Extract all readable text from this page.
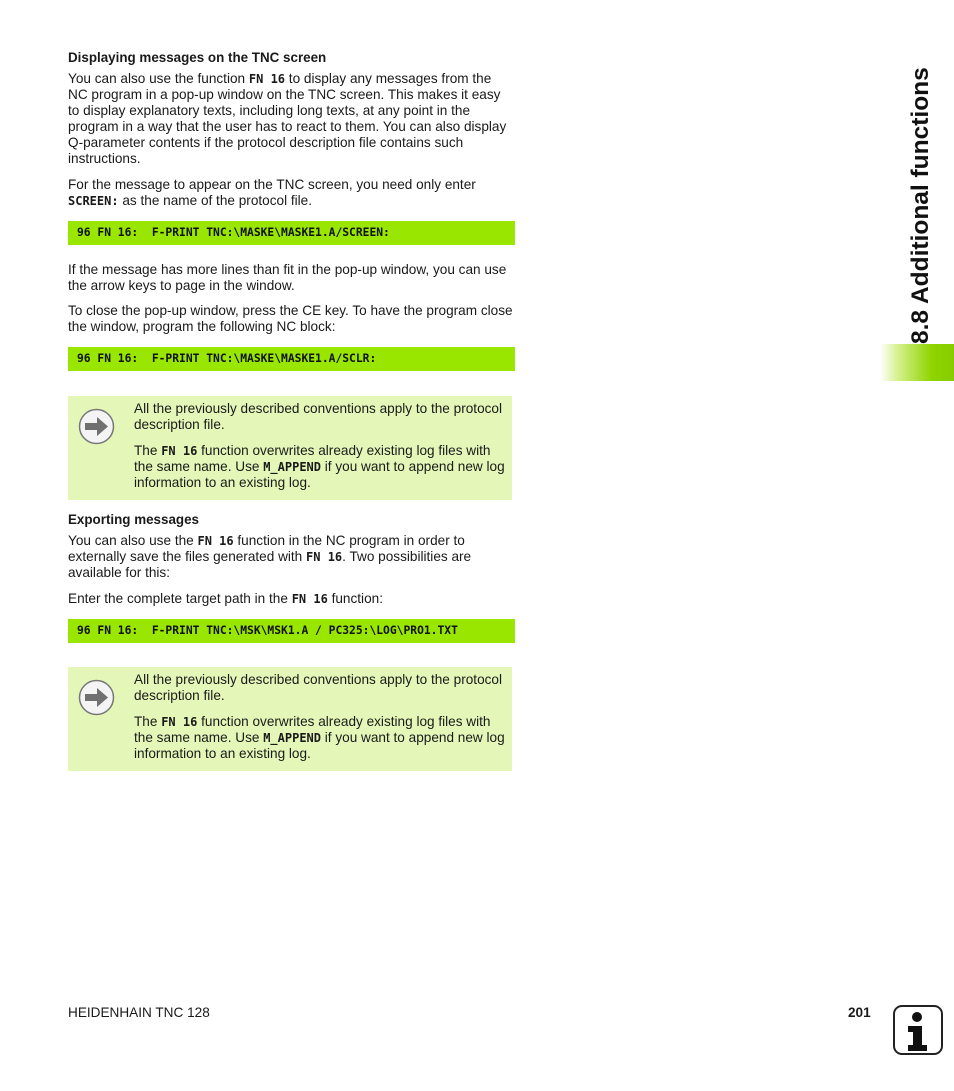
Displaying messages on the TNC screen

You can also use the function FN 16 to display any messages from the NC program in a pop-up window on the TNC screen. This makes it easy to display explanatory texts, including long texts, at any point in the program in a way that the user has to react to them. You can also display Q-parameter contents if the protocol description file contains such instructions.

For the message to appear on the TNC screen, you need only enter SCREEN: as the name of the protocol file.

96 FN 16:  F-PRINT TNC:\MASKE\MASKE1.A/SCREEN:

If the message has more lines than fit in the pop-up window, you can use the arrow keys to page in the window.

To close the pop-up window, press the CE key. To have the program close the window, program the following NC block:

96 FN 16:  F-PRINT TNC:\MASKE\MASKE1.A/SCLR:

All the previously described conventions apply to the protocol description file.

The FN 16 function overwrites already existing log files with the same name. Use M_APPEND if you want to append new log information to an existing log.

Exporting messages

You can also use the FN 16 function in the NC program in order to externally save the files generated with FN 16. Two possibilities are available for this:

Enter the complete target path in the FN 16 function:

96 FN 16:  F-PRINT TNC:\MSK\MSK1.A / PC325:\LOG\PRO1.TXT

All the previously described conventions apply to the protocol description file.

The FN 16 function overwrites already existing log files with the same name. Use M_APPEND if you want to append new log information to an existing log.

8.8 Additional functions
HEIDENHAIN TNC 128	201
